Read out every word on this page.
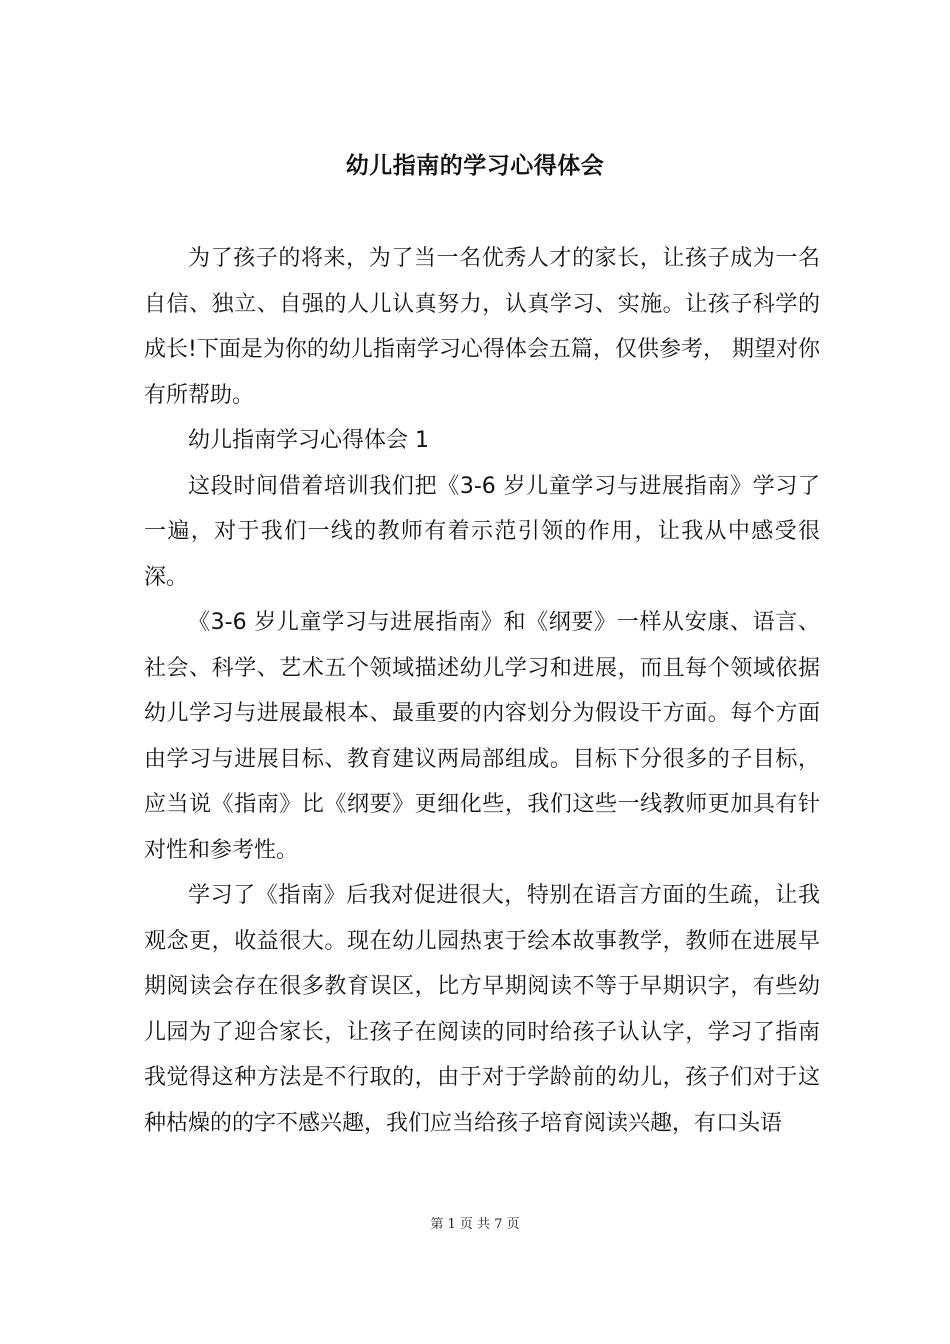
幼儿指南的学习心得体会

为了孩子的将来，为了当一名优秀人才的家长，让孩子成为一名自信、独立、自强的人儿认真努力，认真学习、实施。让孩子科学的成长!下面是为你的幼儿指南学习心得体会五篇，仅供参考， 期望对你有所帮助。

幼儿指南学习心得体会 1

这段时间借着培训我们把《3-6 岁儿童学习与进展指南》学习了一遍，对于我们一线的教师有着示范引领的作用，让我从中感受很深。

《3-6 岁儿童学习与进展指南》和《纲要》一样从安康、语言、社会、科学、艺术五个领域描述幼儿学习和进展，而且每个领域依据幼儿学习与进展最根本、最重要的内容划分为假设干方面。每个方面由学习与进展目标、教育建议两局部组成。目标下分很多的子目标，应当说《指南》比《纲要》更细化些，我们这些一线教师更加具有针对性和参考性。

学习了《指南》后我对促进很大，特别在语言方面的生疏，让我观念更，收益很大。现在幼儿园热衷于绘本故事教学，教师在进展早期阅读会存在很多教育误区，比方早期阅读不等于早期识字，有些幼儿园为了迎合家长，让孩子在阅读的同时给孩子认认字，学习了指南我觉得这种方法是不行取的，由于对于学龄前的幼儿，孩子们对于这种枯燥的的字不感兴趣，我们应当给孩子培育阅读兴趣，有口头语

第 1 页 共 7 页
